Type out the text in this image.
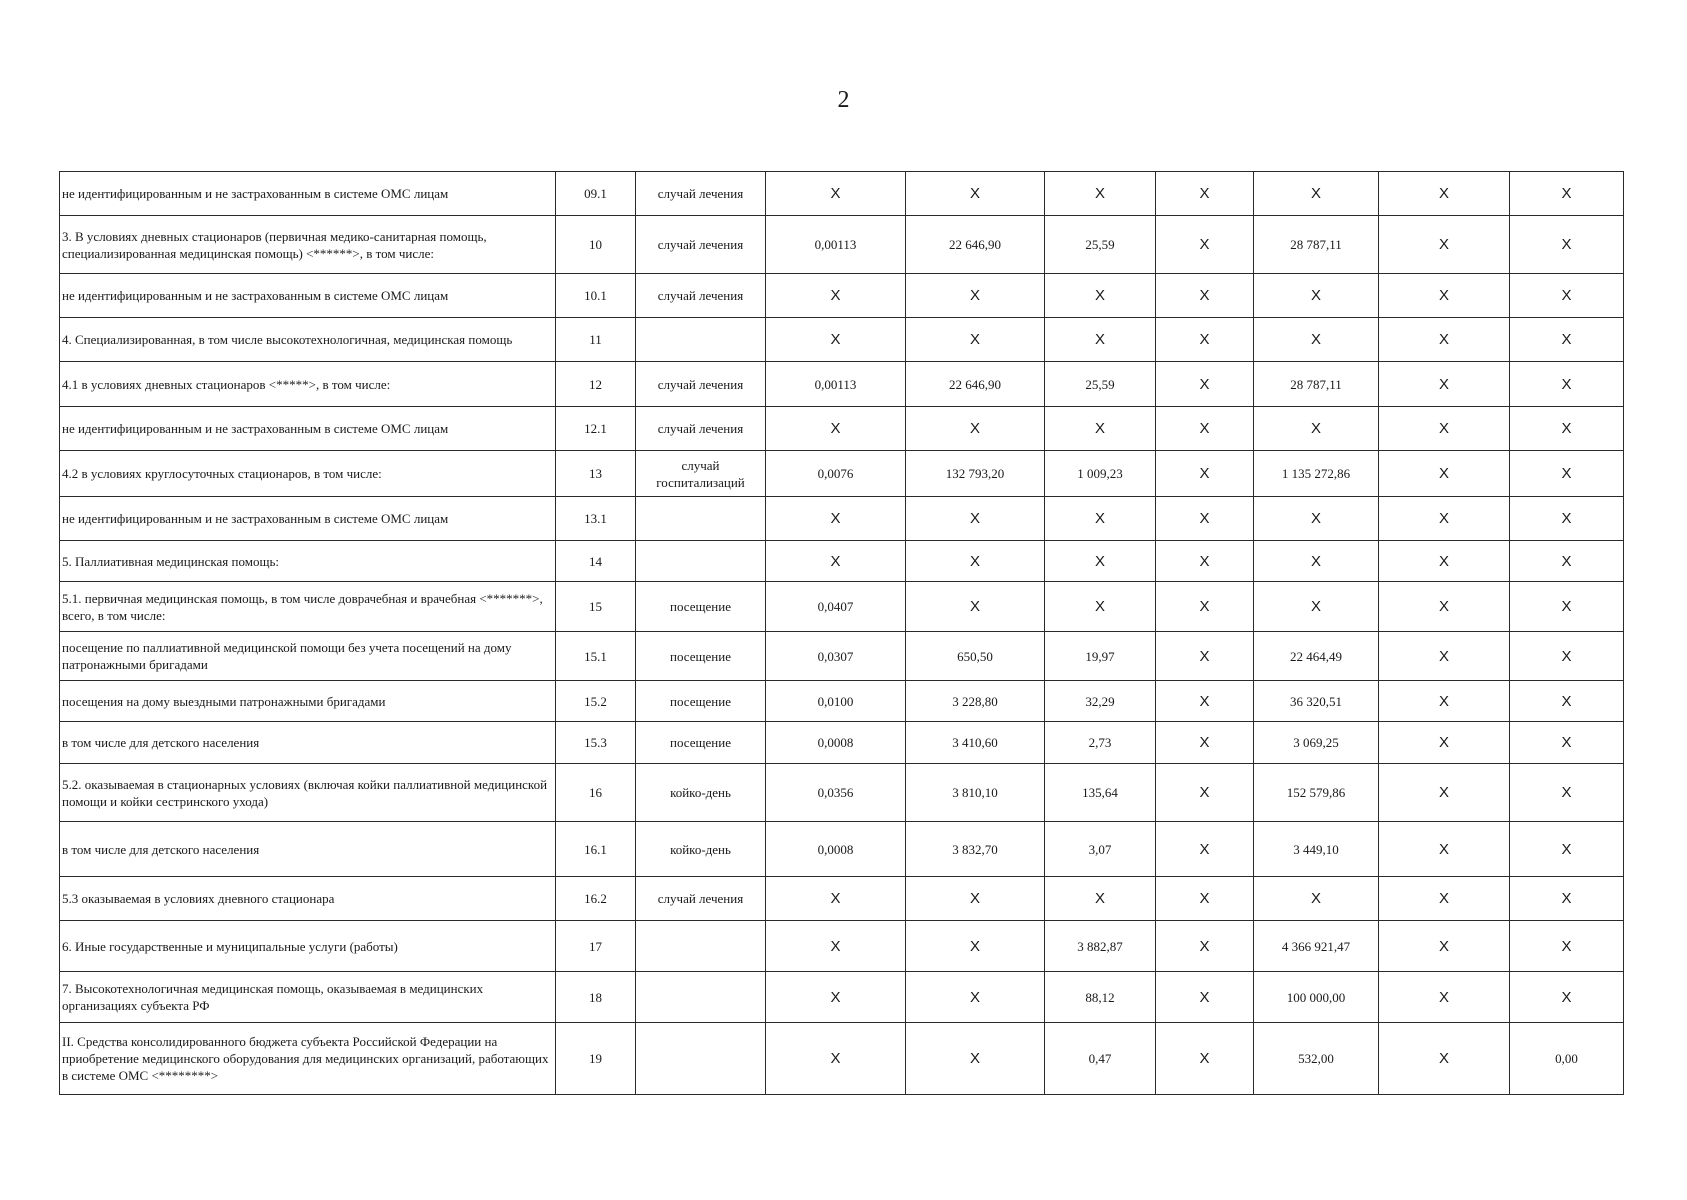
2
не идентифицированным и не застрахованным в системе ОМС лицам	09.1	случай лечения	X	X	X	X	X	X	X
3. В условиях дневных стационаров (первичная медико-санитарная помощь, специализированная медицинская помощь) <******>, в том числе:	10	случай лечения	0,00113	22 646,90	25,59	X	28 787,11	X	X
не идентифицированным и не застрахованным в системе ОМС лицам	10.1	случай лечения	X	X	X	X	X	X	X
4. Специализированная, в том числе высокотехнологичная, медицинская помощь	11		X	X	X	X	X	X	X
4.1 в условиях дневных стационаров <*****>, в том числе:	12	случай лечения	0,00113	22 646,90	25,59	X	28 787,11	X	X
не идентифицированным и не застрахованным в системе ОМС лицам	12.1	случай лечения	X	X	X	X	X	X	X
4.2 в условиях круглосуточных стационаров, в том числе:	13	случай госпитализаций	0,0076	132 793,20	1 009,23	X	1 135 272,86	X	X
не идентифицированным и не застрахованным в системе ОМС лицам	13.1		X	X	X	X	X	X	X
5. Паллиативная медицинская помощь:	14		X	X	X	X	X	X	X
5.1. первичная медицинская помощь, в том числе доврачебная и врачебная <*******>, всего, в том числе:	15	посещение	0,0407	X	X	X	X	X	X
посещение по паллиативной медицинской помощи без учета посещений на дому патронажными бригадами	15.1	посещение	0,0307	650,50	19,97	X	22 464,49	X	X
посещения на дому выездными патронажными бригадами	15.2	посещение	0,0100	3 228,80	32,29	X	36 320,51	X	X
в том числе для детского населения	15.3	посещение	0,0008	3 410,60	2,73	X	3 069,25	X	X
5.2. оказываемая в стационарных условиях (включая койки паллиативной медицинской помощи и койки сестринского ухода)	16	койко-день	0,0356	3 810,10	135,64	X	152 579,86	X	X
в том числе для детского населения	16.1	койко-день	0,0008	3 832,70	3,07	X	3 449,10	X	X
5.3 оказываемая в условиях дневного стационара	16.2	случай лечения	X	X	X	X	X	X	X
6. Иные государственные и муниципальные услуги (работы)	17		X	X	3 882,87	X	4 366 921,47	X	X
7. Высокотехнологичная медицинская помощь, оказываемая в медицинских организациях субъекта РФ	18		X	X	88,12	X	100 000,00	X	X
II. Средства консолидированного бюджета субъекта Российской Федерации на приобретение медицинского оборудования для медицинских организаций, работающих в системе ОМС <********>	19		X	X	0,47	X	532,00	X	0,00
